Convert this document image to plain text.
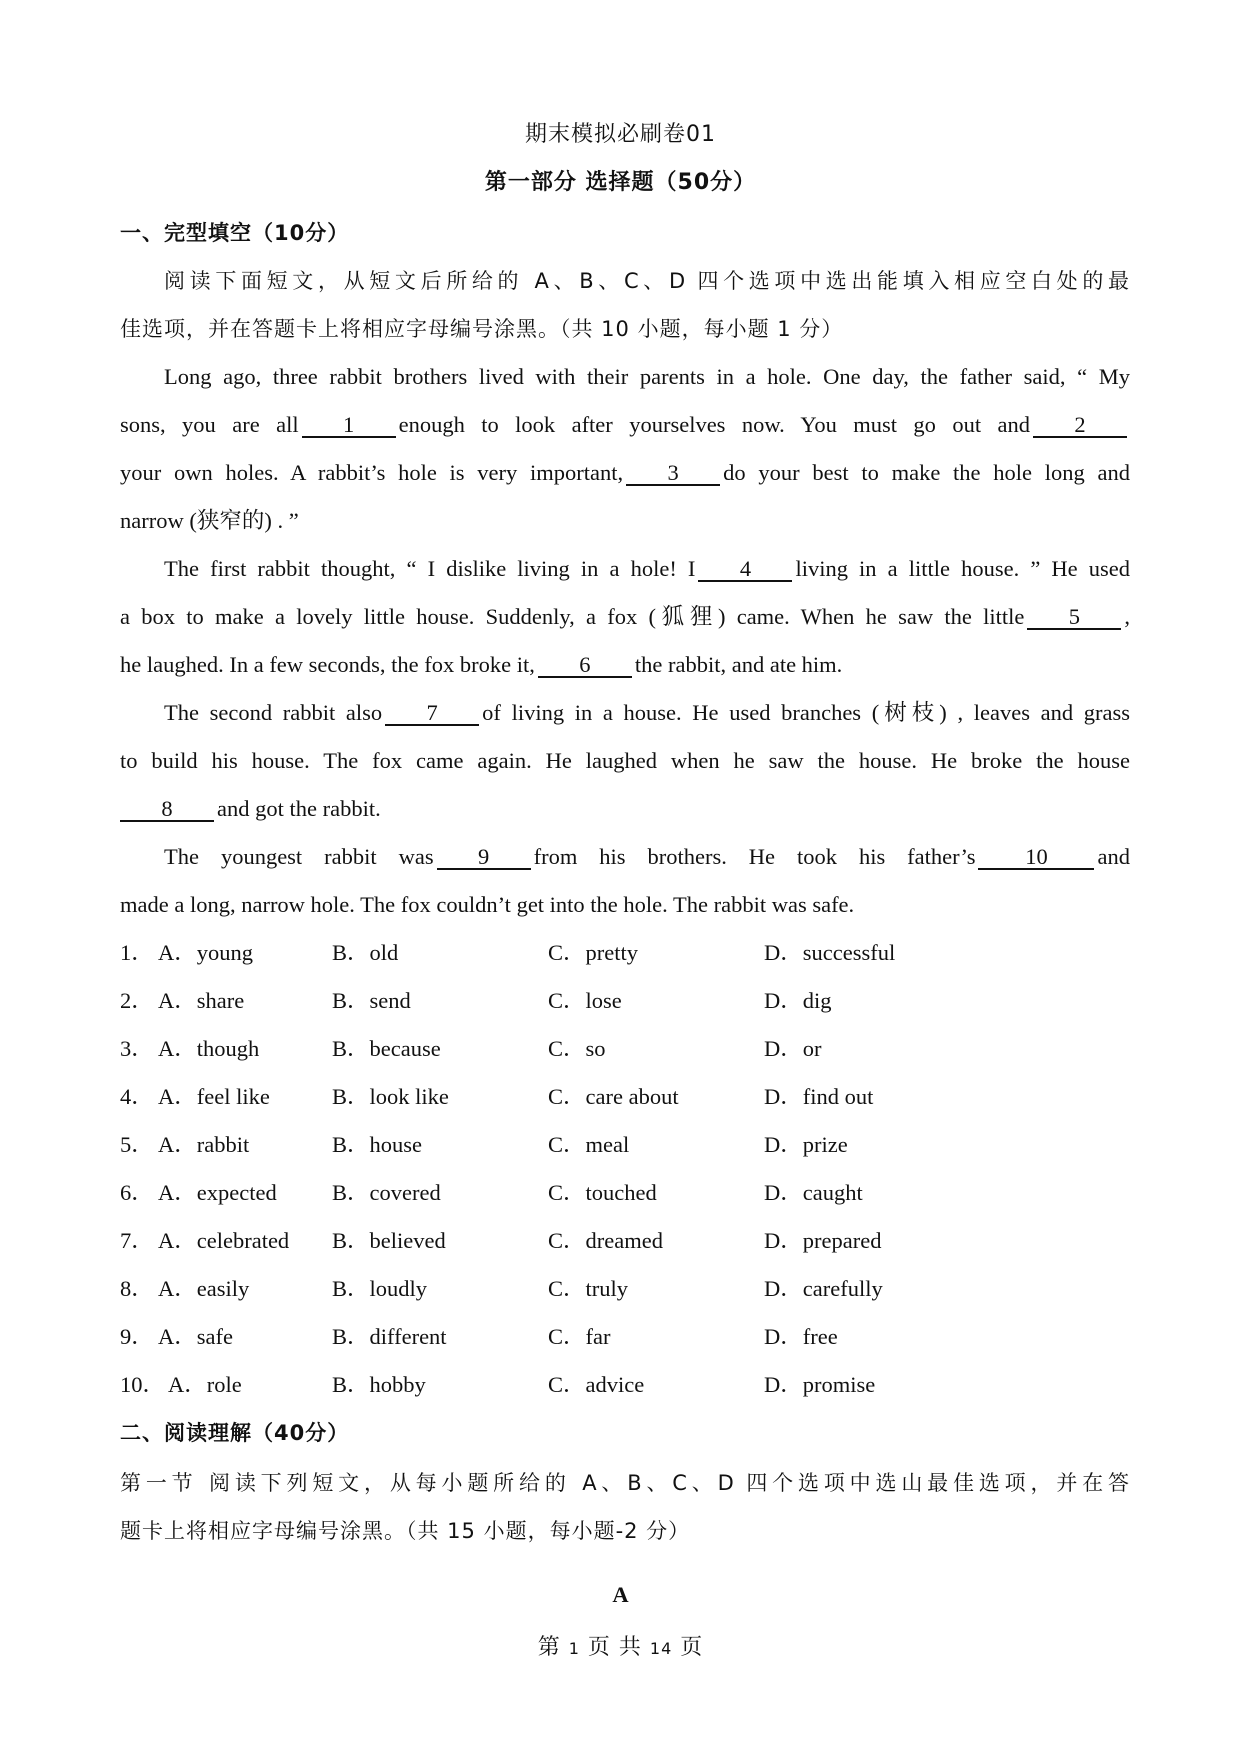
期末模拟必刷卷01
第一部分 选择题（50分）
一、完型填空（10分）
阅读下面短文，从短文后所给的 A、B、C、D 四个选项中选出能填入相应空白处的最
佳选项，并在答题卡上将相应字母编号涂黑。（共 10 小题，每小题 1 分）
Long ago, three rabbit brothers lived with their parents in a hole. One day, the father said, “ My
sons, you are all 1 enough to look after yourselves now. You must go out and 2
your own holes. A rabbit’s hole is very important, 3 do your best to make the hole long and
narrow (狭窄的) . ”
The first rabbit thought, “ I dislike living in a hole! I 4 living in a little house. ” He used
a box to make a lovely little house. Suddenly, a fox (狐狸) came. When he saw the little 5 ,
he laughed. In a few seconds, the fox broke it, 6 the rabbit, and ate him.
The second rabbit also 7 of living in a house. He used branches (树枝) , leaves and grass
to build his house. The fox came again. He laughed when he saw the house. He broke the house
8 and got the rabbit.
The youngest rabbit was 9 from his brothers. He took his father’s 10 and
made a long, narrow hole. The fox couldn’t get into the hole. The rabbit was safe.
1． A．young	B．old	C．pretty	D．successful
2． A．share	B．send	C．lose	D．dig
3． A．though	B．because	C．so	D．or
4． A．feel like	B．look like	C．care about	D．find out
5． A．rabbit	B．house	C．meal	D．prize
6． A．expected B．covered	C．touched	D．caught
7． A．celebrated B．believed	C．dreamed	D．prepared
8． A．easily	B．loudly	C．truly	D．carefully
9． A．safe	B．different	C．far	D．free
10． A．role	B．hobby	C．advice	D．promise
二、阅读理解（40分）
第一节 阅读下列短文，从每小题所给的 A、B、C、D 四个选项中选山最佳选项，并在答
题卡上将相应字母编号涂黑。（共 15 小题，每小题-2 分）
A
第 1 页 共 14 页
